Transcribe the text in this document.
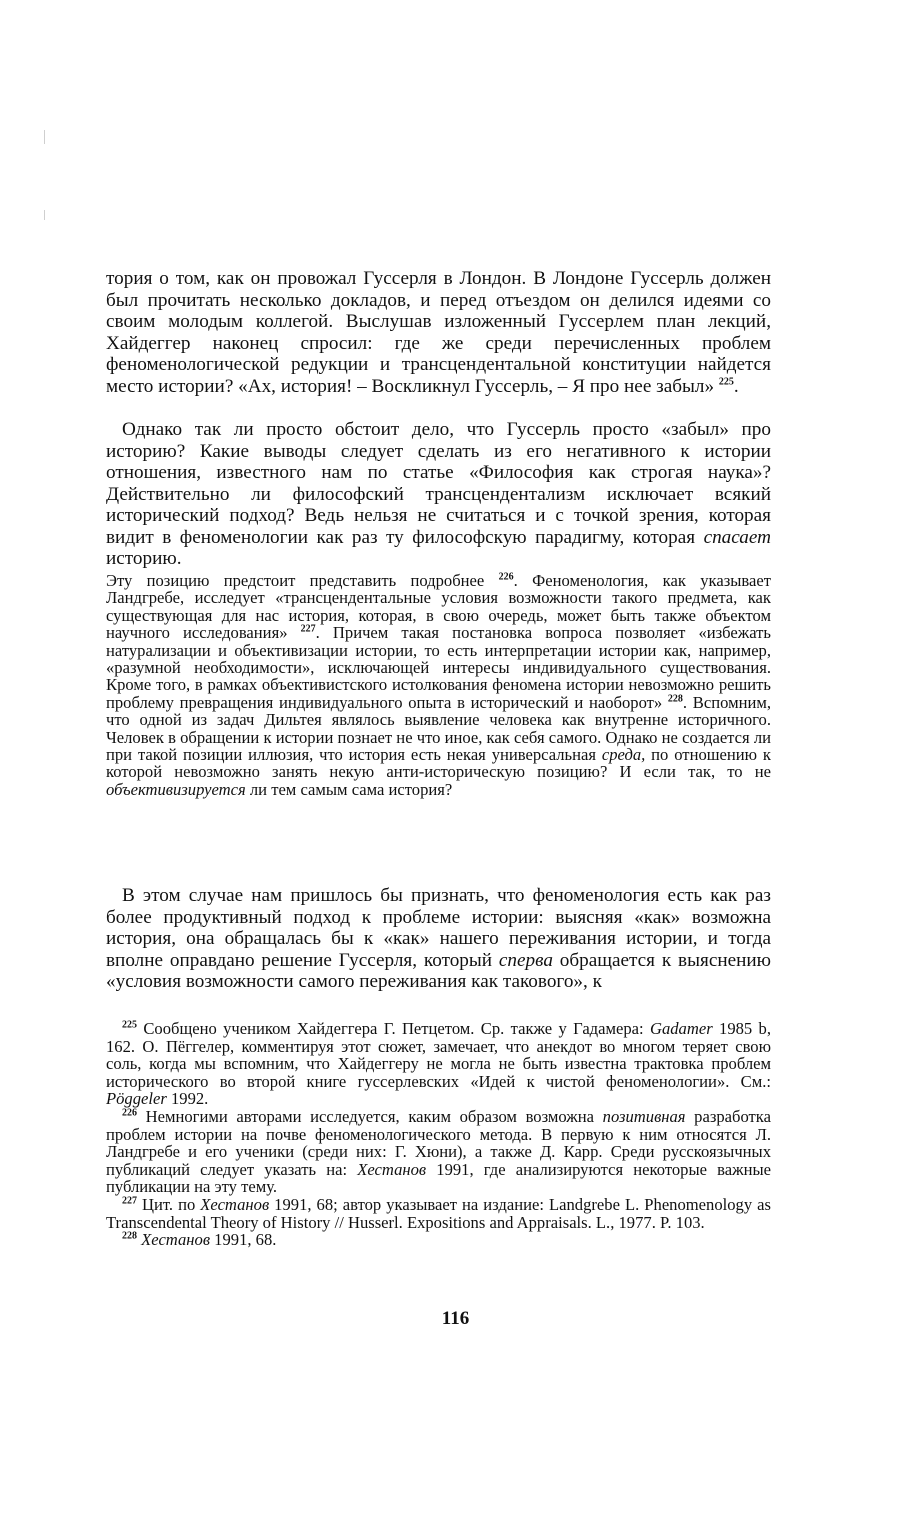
тория о том, как он провожал Гуссерля в Лондон. В Лондоне Гуссерль должен был прочитать несколько докладов, и перед отъездом он делился идеями со своим молодым коллегой. Выслушав изложенный Гуссерлем план лекций, Хайдеггер наконец спросил: где же среди перечисленных проблем феноменологической редукции и трансцендентальной конституции найдется место истории? «Ах, история! – Воскликнул Гуссерль, – Я про нее забыл» $^{225}$.

Однако так ли просто обстоит дело, что Гуссерль просто «забыл» про историю? Какие выводы следует сделать из его негативного к истории отношения, известного нам по статье «Философия как строгая наука»? Действительно ли философский трансцендентализм исключает всякий исторический подход? Ведь нельзя не считаться и с точкой зрения, которая видит в феноменологии как раз ту философскую парадигму, которая спасает историю.

Эту позицию предстоит представить подробнее $^{226}$. Феноменология, как указывает Ландгребе, исследует «трансцендентальные условия возможности такого предмета, как существующая для нас история, которая, в свою очередь, может быть также объектом научного исследования» $^{227}$. Причем такая постановка вопроса позволяет «избежать натурализации и объективизации истории, то есть интерпретации истории как, например, «разумной необходимости», исключающей интересы индивидуального существования. Кроме того, в рамках объективистского истолкования феномена истории невозможно решить проблему превращения индивидуального опыта в исторический и наоборот» $^{228}$. Вспомним, что одной из задач Дильтея являлось выявление человека как внутренне историчного. Человек в обращении к истории познает не что иное, как себя самого. Однако не создается ли при такой позиции иллюзия, что история есть некая универсальная среда, по отношению к которой невозможно занять некую анти-историческую позицию? И если так, то не объективизируется ли тем самым сама история?

В этом случае нам пришлось бы признать, что феноменология есть как раз более продуктивный подход к проблеме истории: выясняя «как» возможна история, она обращалась бы к «как» нашего переживания истории, и тогда вполне оправдано решение Гуссерля, который сперва обращается к выяснению «условия возможности самого переживания как такового», к

$^{225}$ Сообщено учеником Хайдеггера Г. Петцетом. Ср. также у Гадамера: Gadamer 1985 b, 162. О. Пёггелер, комментируя этот сюжет, замечает, что анекдот во многом теряет свою соль, когда мы вспомним, что Хайдеггеру не могла не быть известна трактовка проблем исторического во второй книге гуссерлевских «Идей к чистой феноменологии». См.: Pöggeler 1992.

$^{226}$ Немногими авторами исследуется, каким образом возможна позитивная разработка проблем истории на почве феноменологического метода. В первую к ним относятся Л. Ландгребе и его ученики (среди них: Г. Хюни), а также Д. Карр. Среди русскоязычных публикаций следует указать на: Хестанов 1991, где анализируются некоторые важные публикации на эту тему.

$^{227}$ Цит. по Хестанов 1991, 68; автор указывает на издание: Landgrebe L. Phenomenology as Transcendental Theory of History // Husserl. Expositions and Appraisals. L., 1977. P. 103.

$^{228}$ Хестанов 1991, 68.

116
